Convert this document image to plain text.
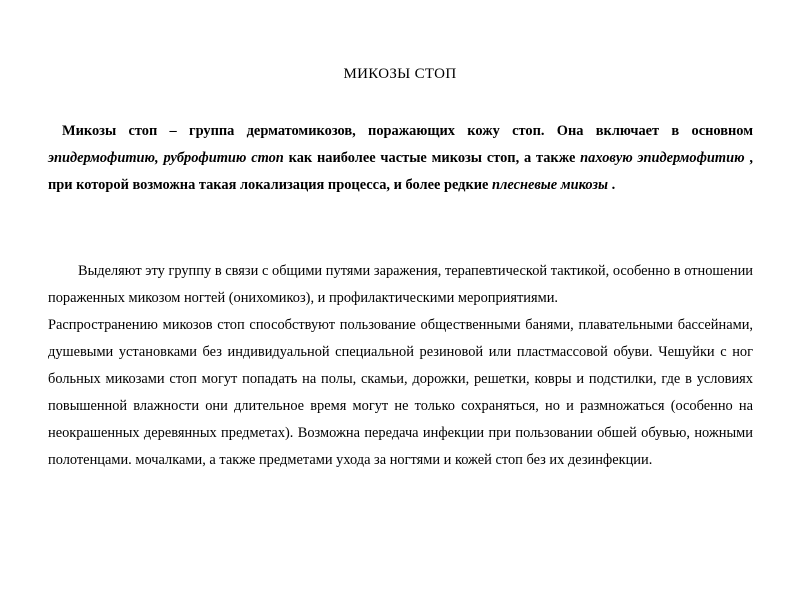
МИКОЗЫ СТОП

Микозы стоп – группа дерматомикозов, поражающих кожу стоп. Она включает в основном эпидермофитию, руброфитию стоп как наиболее частые микозы стоп, а также паховую эпидермофитию , при которой возможна такая локализация процесса, и более редкие плесневые микозы .

Выделяют эту группу в связи с общими путями заражения, терапевтической тактикой, особенно в отношении пораженных микозом ногтей (онихомикоз), и профилактическими мероприятиями.

Распространению микозов стоп способствуют пользование общественными банями, плавательными бассейнами, душевыми установками без индивидуальной специальной резиновой или пластмассовой обуви. Чешуйки с ног больных микозами стоп могут попадать на полы, скамьи, дорожки, решетки, ковры и подстилки, где в условиях повышенной влажности они длительное время могут не только сохраняться, но и размножаться (особенно на неокрашенных деревянных предметах). Возможна передача инфекции при пользовании обшей обувью, ножными полотенцами. мочалками, а также предметами ухода за ногтями и кожей стоп без их дезинфекции.
